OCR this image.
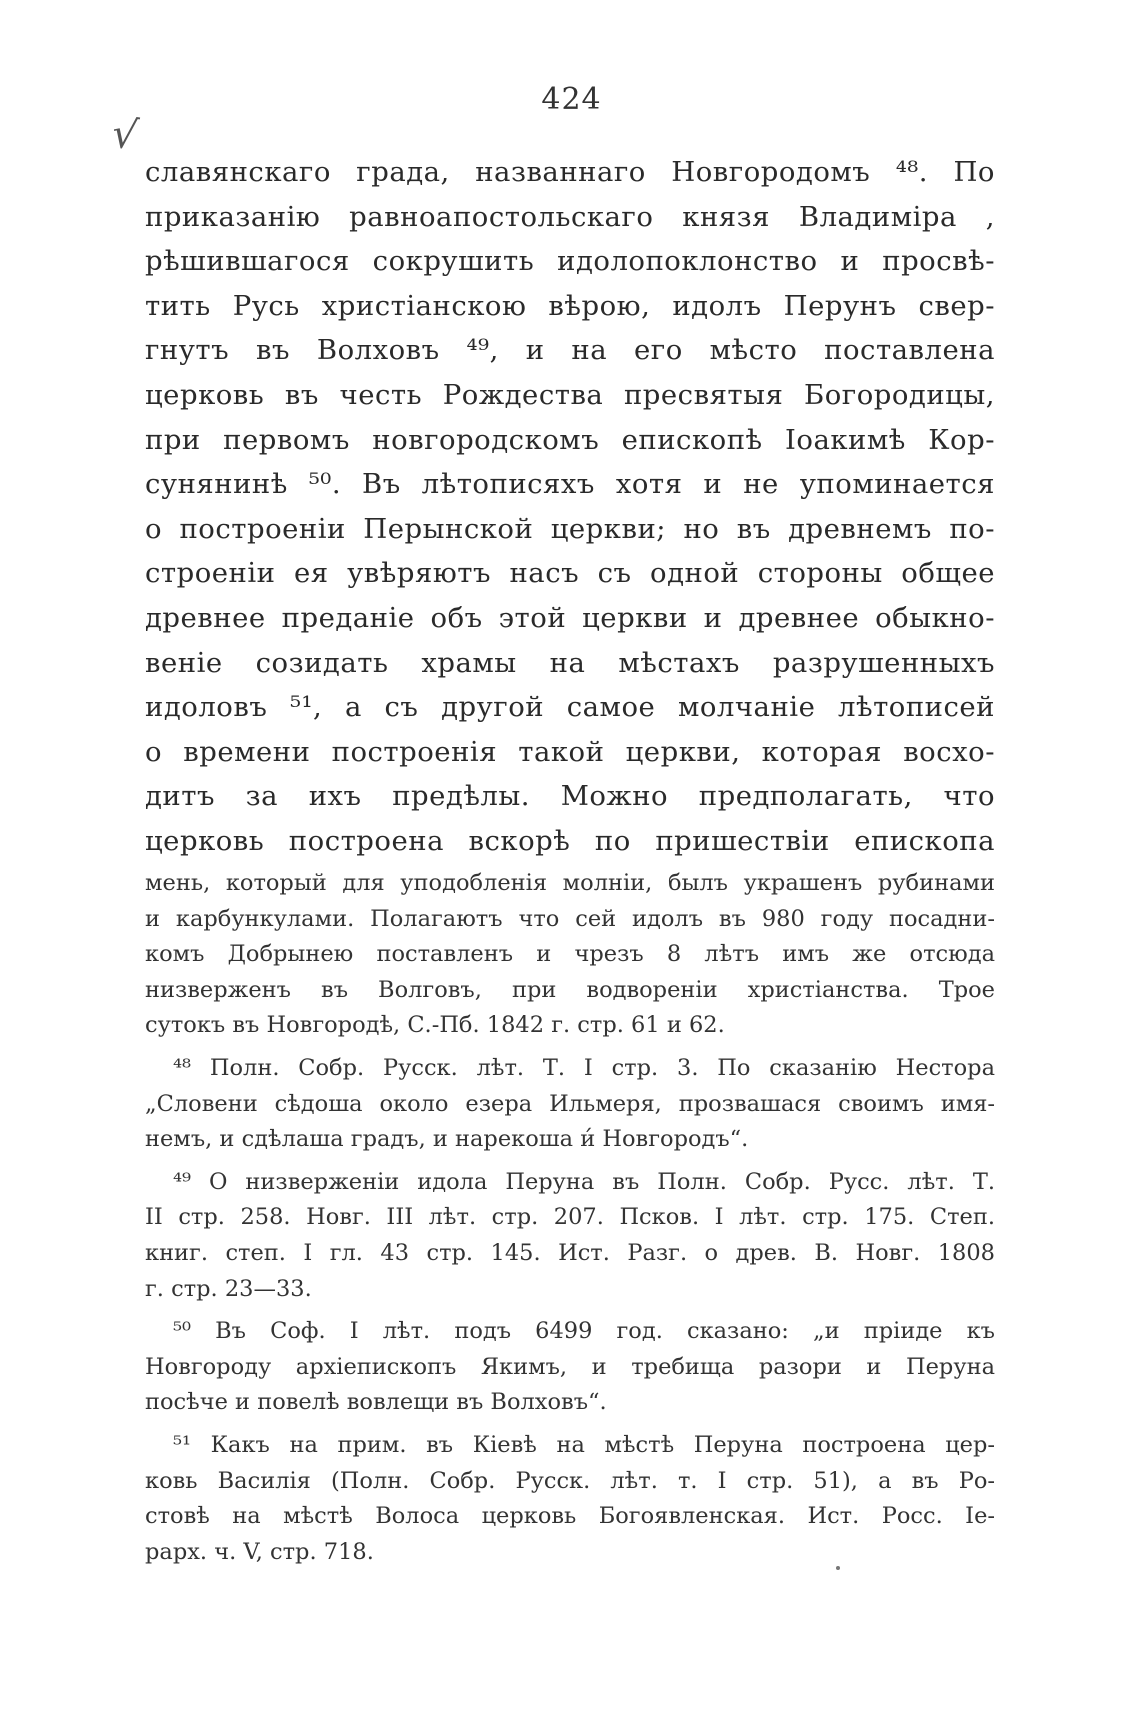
424
√
славянскаго града, названнаго Новгородомъ ⁴⁸. По
приказанію равноапостольскаго князя Владиміра ,
рѣшившагося сокрушить идолопоклонство и просвѣ-
тить Русь христіанскою вѣрою, идолъ Перунъ свер-
гнутъ въ Волховъ ⁴⁹, и на его мѣсто поставлена
церковь въ честь Рождества пресвятыя Богородицы,
при первомъ новгородскомъ епископѣ Іоакимѣ Кор-
сунянинѣ ⁵⁰. Въ лѣтописяхъ хотя и не упоминается
о построеніи Перынской церкви; но въ древнемъ по-
строеніи ея увѣряютъ насъ съ одной стороны общее
древнее преданіе объ этой церкви и древнее обыкно-
веніе созидать храмы на мѣстахъ разрушенныхъ
идоловъ ⁵¹, а съ другой самое молчаніе лѣтописей
о времени построенія такой церкви, которая восхо-
дитъ за ихъ предѣлы. Можно предполагать, что
церковь построена вскорѣ по пришествіи епископа
мень, который для уподобленія молніи, былъ украшенъ рубинами
и карбункулами. Полагаютъ что сей идолъ въ 980 году посадни-
комъ Добрынею поставленъ и чрезъ 8 лѣтъ имъ же отсюда
низверженъ въ Волговъ, при водвореніи христіанства. Трое
сутокъ въ Новгородѣ, С.-Пб. 1842 г. стр. 61 и 62.
⁴⁸ Полн. Собр. Русск. лѣт. Т. I стр. 3. По сказанію Нестора
„Словени сѣдоша около езера Ильмеря, прозвашася своимъ имя-
немъ, и сдѣлаша градъ, и нарекоша и́ Новгородъ“.
⁴⁹ О низверженіи идола Перуна въ Полн. Собр. Русс. лѣт. Т.
II стр. 258. Новг. III лѣт. стр. 207. Псков. I лѣт. стр. 175. Степ.
книг. степ. I гл. 43 стр. 145. Ист. Разг. о древ. В. Новг. 1808
г. стр. 23—33.
⁵⁰ Въ Соф. I лѣт. подъ 6499 год. сказано: „и пріиде къ
Новгороду архіепископъ Якимъ, и требища разори и Перуна
посѣче и повелѣ вовлещи въ Волховъ“.
⁵¹ Какъ на прим. въ Кіевѣ на мѣстѣ Перуна построена цер-
ковь Василія (Полн. Собр. Русск. лѣт. т. I стр. 51), а въ Ро-
стовѣ на мѣстѣ Волоса церковь Богоявленская. Ист. Росс. Ie-
рарх. ч. V, стр. 718.
